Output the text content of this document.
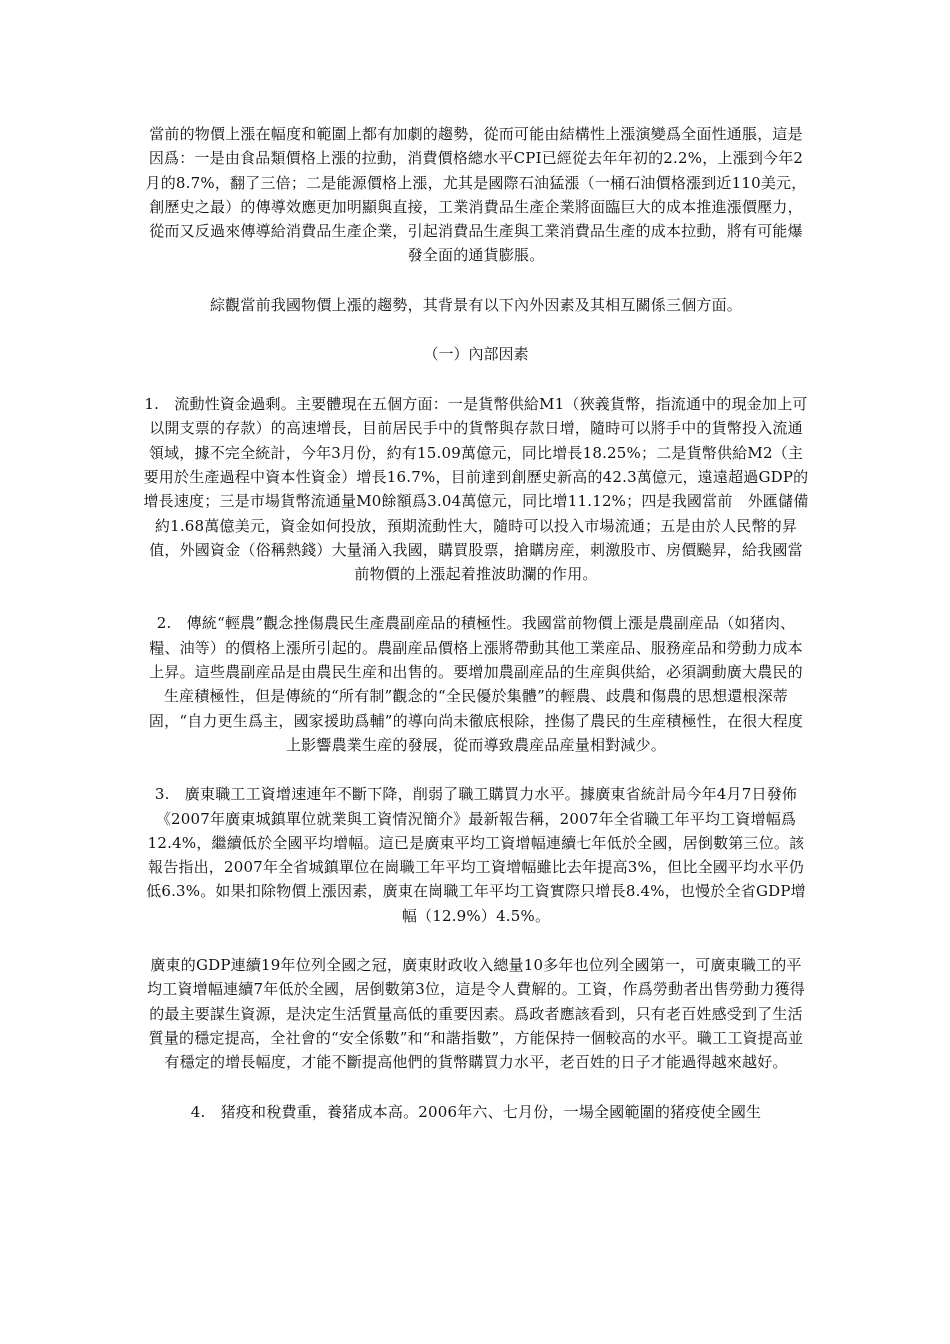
當前的物價上漲在幅度和範圍上都有加劇的趨勢，從而可能由結構性上漲演變爲全面性通脹，這是因爲：一是由食品類價格上漲的拉動，消費價格總水平CPI已經從去年年初的2.2%，上漲到今年2月的8.7%，翻了三倍；二是能源價格上漲，尤其是國際石油猛漲（一桶石油價格漲到近110美元，創歷史之最）的傳導效應更加明顯與直接，工業消費品生產企業將面臨巨大的成本推進漲價壓力，從而又反過來傳導給消費品生產企業，引起消費品生產與工業消費品生產的成本拉動，將有可能爆發全面的通貨膨脹。

綜觀當前我國物價上漲的趨勢，其背景有以下內外因素及其相互關係三個方面。

（一）內部因素

1.　流動性資金過剩。主要體現在五個方面：一是貨幣供給M1（狹義貨幣，指流通中的現金加上可以開支票的存款）的高速增長，目前居民手中的貨幣與存款日增，隨時可以將手中的貨幣投入流通領域，據不完全統計，今年3月份，約有15.09萬億元，同比增長18.25%；二是貨幣供給M2（主要用於生產過程中資本性資金）增長16.7%，目前達到創歷史新高的42.3萬億元，遠遠超過GDP的增長速度；三是市場貨幣流通量M0餘額爲3.04萬億元，同比增11.12%；四是我國當前　外匯儲備約1.68萬億美元，資金如何投放，預期流動性大，隨時可以投入市場流通；五是由於人民幣的昇值，外國資金（俗稱熱錢）大量涌入我國，購買股票，搶購房産，刺激股市、房價飈昇，給我國當前物價的上漲起着推波助瀾的作用。

2.　傳統“輕農”觀念挫傷農民生產農副産品的積極性。我國當前物價上漲是農副産品（如猪肉、糧、油等）的價格上漲所引起的。農副産品價格上漲將帶動其他工業産品、服務産品和勞動力成本上昇。這些農副産品是由農民生産和出售的。要增加農副産品的生産與供給，必須調動廣大農民的生産積極性，但是傳統的“所有制”觀念的“全民優於集體”的輕農、歧農和傷農的思想還根深蒂固，“自力更生爲主，國家援助爲輔”的導向尚未徹底根除，挫傷了農民的生産積極性，在很大程度上影響農業生産的發展，從而導致農産品産量相對減少。

3.　廣東職工工資增速連年不斷下降，削弱了職工購買力水平。據廣東省統計局今年4月7日發佈《2007年廣東城鎮單位就業與工資情況簡介》最新報告稱，2007年全省職工年平均工資增幅爲12.4%，繼續低於全國平均增幅。這已是廣東平均工資增幅連續七年低於全國，居倒數第三位。該報告指出，2007年全省城鎮單位在崗職工年平均工資增幅雖比去年提高3%，但比全國平均水平仍低6.3%。如果扣除物價上漲因素，廣東在崗職工年平均工資實際只增長8.4%，也慢於全省GDP增幅（12.9%）4.5%。

廣東的GDP連續19年位列全國之冠，廣東財政收入總量10多年也位列全國第一，可廣東職工的平均工資增幅連續7年低於全國，居倒數第3位，這是令人費解的。工資，作爲勞動者出售勞動力獲得的最主要謀生資源，是決定生活質量高低的重要因素。爲政者應該看到，只有老百姓感受到了生活質量的穩定提高，全社會的“安全係數”和“和諧指數”，方能保持一個較高的水平。職工工資提高並有穩定的增長幅度，才能不斷提高他們的貨幣購買力水平，老百姓的日子才能過得越來越好。

4.　猪疫和稅費重，養猪成本高。2006年六、七月份，一場全國範圍的猪疫使全國生
